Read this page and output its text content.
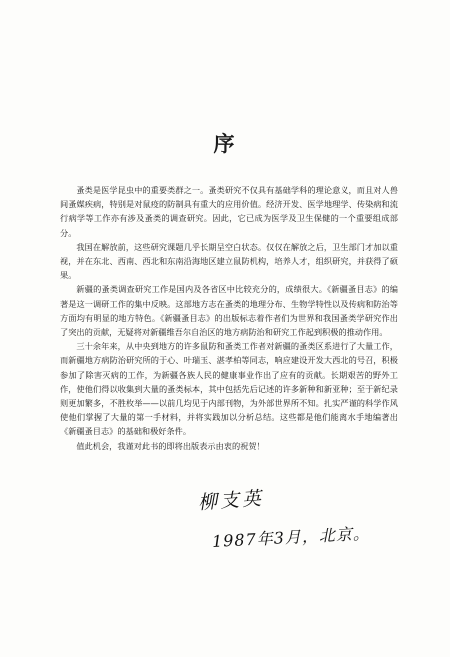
序

蚤类是医学昆虫中的重要类群之一。蚤类研究不仅具有基础学科的理论意义，而且对人兽间蚤媒疾病，特别是对鼠疫的防制具有重大的应用价值。经济开发、医学地理学、传染病和流行病学等工作亦有涉及蚤类的调查研究。因此，它已成为医学及卫生保健的一个重要组成部分。

我国在解放前，这些研究课题几乎长期呈空白状态。仅仅在解放之后，卫生部门才加以重视，并在东北、西南、西北和东南沿海地区建立鼠防机构，培养人才，组织研究，并获得了硕果。

新疆的蚤类调查研究工作是国内及各省区中比较充分的，成绩很大。《新疆蚤目志》的编著是这一调研工作的集中反映。这部地方志在蚤类的地理分布、生物学特性以及传病和防治等方面均有明显的地方特色。《新疆蚤目志》的出版标志着作者们为世界和我国蚤类学研究作出了突出的贡献，无疑将对新疆维吾尔自治区的地方病防治和研究工作起到积极的推动作用。

三十余年来，从中央到地方的许多鼠防和蚤类工作者对新疆的蚤类区系进行了大量工作，而新疆地方病防治研究所的于心、叶瑞玉、湛孝柏等同志，响应建设开发大西北的号召，积极参加了除害灭病的工作，为新疆各族人民的健康事业作出了应有的贡献。长期艰苦的野外工作，使他们得以收集到大量的蚤类标本，其中包括先后记述的许多新种和新亚种；至于新纪录则更加繁多，不胜枚举——以前几均见于内部刊物，为外部世界所不知。扎实严谨的科学作风使他们掌握了大量的第一手材料，并将实践加以分析总结。这些都是他们能离水手地编著出《新疆蚤目志》的基础和极好条件。

值此机会，我谨对此书的即将出版表示由衷的祝贺！

柳支英
1987年3月，北京。
